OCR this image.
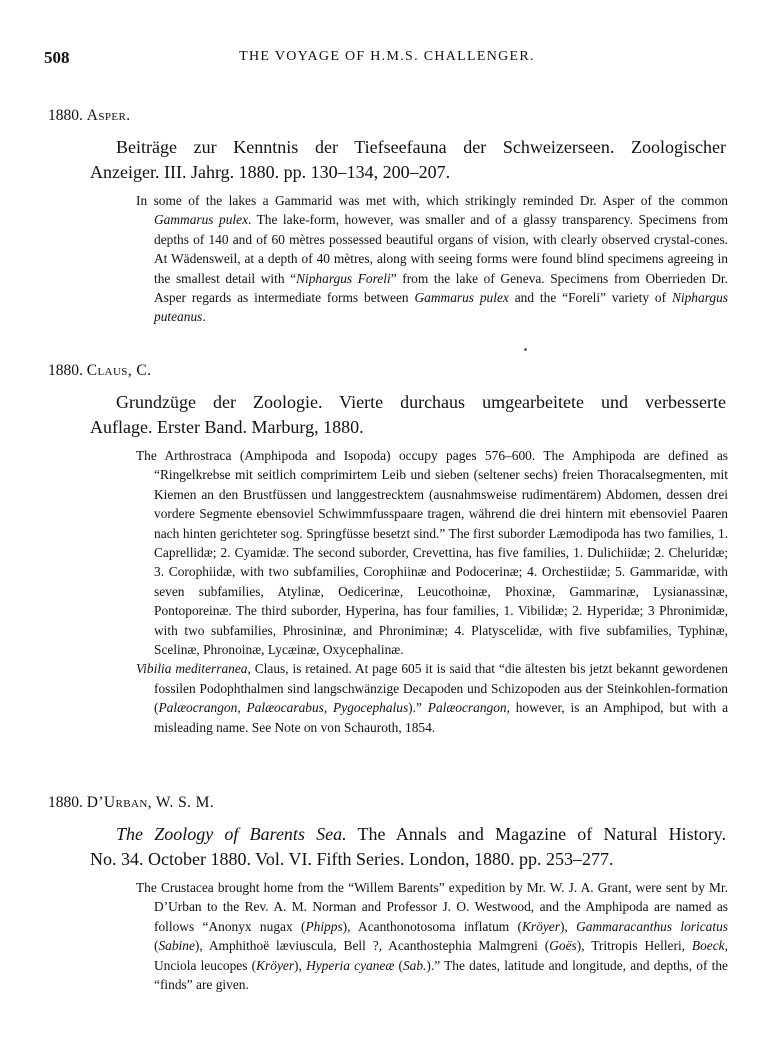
508	THE VOYAGE OF H.M.S. CHALLENGER.
1880. Asper.
Beiträge zur Kenntnis der Tiefseefauna der Schweizerseen. Zoologischer
Anzeiger. III. Jahrg. 1880. pp. 130–134, 200–207.

In some of the lakes a Gammarid was met with, which strikingly reminded Dr. Asper of the common Gammarus pulex. The lake-form, however, was smaller and of a glassy transparency. Specimens from depths of 140 and of 60 mètres possessed beautiful organs of vision, with clearly observed crystal-cones. At Wädensweil, at a depth of 40 mètres, along with seeing forms were found blind specimens agreeing in the smallest detail with “Niphargus Foreli” from the lake of Geneva. Specimens from Oberrieden Dr. Asper regards as intermediate forms between Gammarus pulex and the “Foreli” variety of Niphargus puteanus.

1880. Claus, C.
Grundzüge der Zoologie. Vierte durchaus umgearbeitete und verbesserte
Auflage. Erster Band. Marburg, 1880.

The Arthrostraca (Amphipoda and Isopoda) occupy pages 576–600. The Amphipoda are defined as “Ringelkrebse mit seitlich comprimirtem Leib und sieben (seltener sechs) freien Thoracalsegmenten, mit Kiemen an den Brustfüssen und langgestrecktem (ausnahmsweise rudimentärem) Abdomen, dessen drei vordere Segmente ebensoviel Schwimmfusspaare tragen, während die drei hintern mit ebensoviel Paaren nach hinten gerichteter sog. Springfüsse besetzt sind.” The first suborder Læmodipoda has two families, 1. Caprellidæ; 2. Cyamidæ. The second suborder, Crevettina, has five families, 1. Dulichiidæ; 2. Cheluridæ; 3. Corophiidæ, with two subfamilies, Corophiinæ and Podocerinæ; 4. Orchestiidæ; 5. Gammaridæ, with seven subfamilies, Atylinæ, Oedicerinæ, Leucothoinæ, Phoxinæ, Gammarinæ, Lysianassinæ, Pontoporeinæ. The third suborder, Hyperina, has four families, 1. Vibilidæ; 2. Hyperidæ; 3 Phronimidæ, with two subfamilies, Phrosininæ, and Phroniminæ; 4. Platyscelidæ, with five subfamilies, Typhinæ, Scelinæ, Phronoinæ, Lycæinæ, Oxycephalinæ.

Vibilia mediterranea, Claus, is retained. At page 605 it is said that “die ältesten bis jetzt bekannt gewordenen fossilen Podophthalmen sind langschwänzige Decapoden und Schizopoden aus der Steinkohlen-formation (Palæocrangon, Palæocarabus, Pygocephalus).” Palæocrangon, however, is an Amphipod, but with a misleading name. See Note on von Schauroth, 1854.

1880. D’Urban, W. S. M.
The Zoology of Barents Sea. The Annals and Magazine of Natural History.
No. 34. October 1880. Vol. VI. Fifth Series. London, 1880. pp. 253–277.

The Crustacea brought home from the “Willem Barents” expedition by Mr. W. J. A. Grant, were sent by Mr. D’Urban to the Rev. A. M. Norman and Professor J. O. Westwood, and the Amphipoda are named as follows “Anonyx nugax (Phipps), Acanthonotosoma inflatum (Kröyer), Gammaracanthus loricatus (Sabine), Amphithoë læviuscula, Bell ?, Acanthostephia Malmgreni (Goës), Tritropis Helleri, Boeck, Unciola leucopes (Kröyer), Hyperia cyaneæ (Sab.).” The dates, latitude and longitude, and depths, of the “finds” are given.
